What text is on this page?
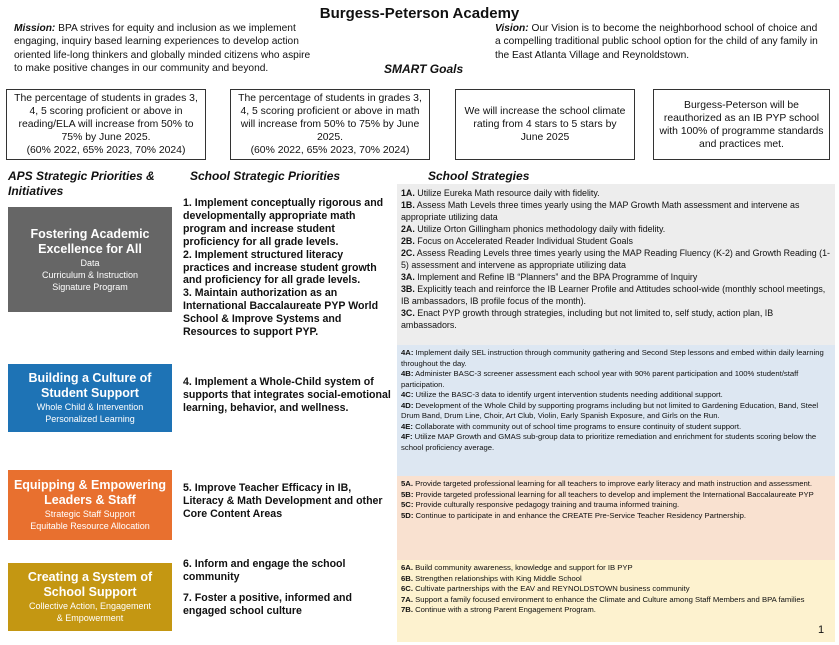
Burgess-Peterson Academy
Mission: BPA strives for equity and inclusion as we implement engaging, inquiry based learning experiences to develop action oriented life-long thinkers and globally minded citizens who aspire to make positive changes in our community and beyond.
Vision: Our Vision is to become the neighborhood school of choice and a compelling traditional public school option for the child of any family in the East Atlanta Village and Reynoldstown.
SMART Goals
The percentage of students in grades 3, 4, 5 scoring proficient or above in reading/ELA will increase from 50% to 75% by June 2025.
(60% 2022, 65% 2023, 70% 2024)
The percentage of students in grades 3, 4, 5 scoring proficient or above in math will increase from 50% to 75% by June 2025.
(60% 2022, 65% 2023, 70% 2024)
We will increase the school climate rating from 4 stars to 5 stars by June 2025
Burgess-Peterson will be reauthorized as an IB PYP school with 100% of programme standards and practices met.
APS Strategic Priorities & Initiatives
School Strategic Priorities	School Strategies
Fostering Academic Excellence for All
Data
Curriculum & Instruction
Signature Program
Building a Culture of Student Support
Whole Child & Intervention
Personalized Learning
Equipping & Empowering Leaders & Staff
Strategic Staff Support
Equitable Resource Allocation
Creating a System of School Support
Collective Action, Engagement
& Empowerment

1. Implement conceptually rigorous and developmentally appropriate math program and increase student proficiency for all grade levels.

2. Implement structured literacy practices and increase student growth and proficiency for all grade levels.

3. Maintain authorization as an International Baccalaureate PYP World School & Improve Systems and Resources to support PYP.

4. Implement a Whole-Child system of supports that integrates social-emotional learning, behavior, and wellness.

5. Improve Teacher Efficacy in IB, Literacy & Math Development and other Core Content Areas

6. Inform and engage the school community

7. Foster a positive, informed and engaged school culture

1A. Utilize Eureka Math resource daily with fidelity.

1B. Assess Math Levels three times yearly using the MAP Growth Math assessment and intervene as appropriate utilizing data

2A. Utilize Orton Gillingham phonics methodology daily with fidelity.

2B. Focus on Accelerated Reader Individual Student Goals

2C. Assess Reading Levels three times yearly using the MAP Reading Fluency (K-2) and Growth Reading (1-5) assessment and intervene as appropriate utilizing data

3A. Implement and Refine IB “Planners” and the BPA Programme of Inquiry

3B. Explicitly teach and reinforce the IB Learner Profile and Attitudes school-wide (monthly school meetings, IB ambassadors, IB profile focus of the month).

3C. Enact PYP growth through strategies, including but not limited to, self study, action plan, IB ambassadors.

4A: Implement daily SEL instruction through community gathering and Second Step lessons and embed within daily learning throughout the day.

4B: Administer BASC-3 screener assessment each school year with 90% parent participation and 100% student/staff participation.

4C: Utilize the BASC-3 data to identify urgent intervention students needing additional support.

4D: Development of the Whole Child by supporting programs including but not limited to Gardening Education, Band, Steel Drum Band, Drum Line, Choir, Art Club, Violin, Early Spanish Exposure, and Girls on the Run.

4E: Collaborate with community out of school time programs to ensure continuity of student support.

4F: Utilize MAP Growth and GMAS sub-group data to prioritize remediation and enrichment for students scoring below the school proficiency average.

5A. Provide targeted professional learning for all teachers to improve early literacy and math instruction and assessment.

5B: Provide targeted professional learning for all teachers to develop and implement the International Baccalaureate PYP

5C: Provide culturally responsive pedagogy training and trauma informed training.

5D: Continue to participate in and enhance the CREATE Pre-Service Teacher Residency Partnership.

6A. Build community awareness, knowledge and support for IB PYP

6B. Strengthen relationships with King Middle School

6C. Cultivate partnerships with the EAV and REYNOLDSTOWN business community

7A. Support a family focused environment to enhance the Climate and Culture among Staff Members and BPA families

7B. Continue with a strong Parent Engagement Program.

1
